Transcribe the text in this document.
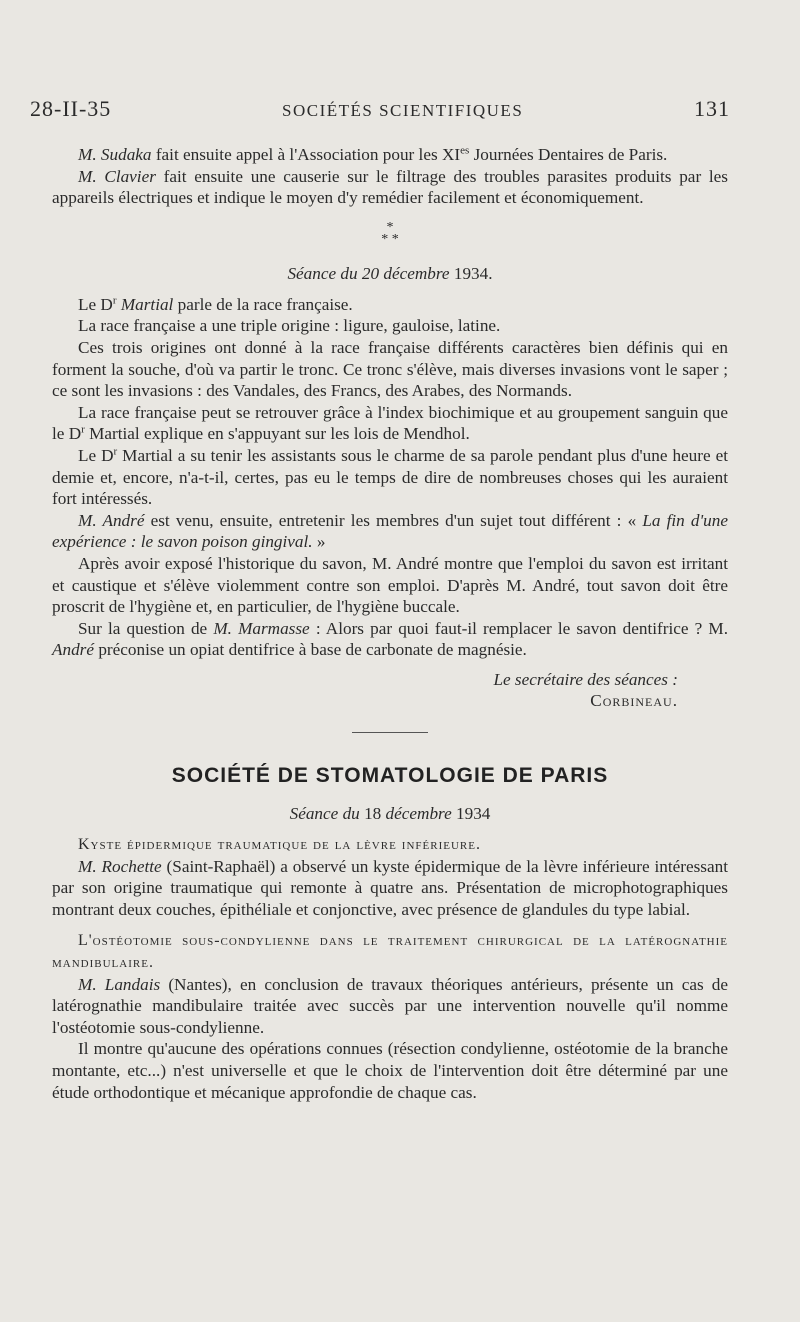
28-II-35	SOCIÉTÉS SCIENTIFIQUES	131

M. Sudaka fait ensuite appel à l'Association pour les $XI^{es}$ Journées Dentaires de Paris.

M. Clavier fait ensuite une causerie sur le filtrage des troubles parasites produits par les appareils électriques et indique le moyen d'y remédier facilement et économiquement.

*
* *
Séance du 20 décembre 1934.

Le $D^r$ Martial parle de la race française.

La race française a une triple origine : ligure, gauloise, latine.

Ces trois origines ont donné à la race française différents caractères bien définis qui en forment la souche, d'où va partir le tronc. Ce tronc s'élève, mais diverses invasions vont le saper ; ce sont les invasions : des Vandales, des Francs, des Arabes, des Normands.

La race française peut se retrouver grâce à l'index biochimique et au groupement sanguin que le $D^r$ Martial explique en s'appuyant sur les lois de Mendhol.

Le $D^r$ Martial a su tenir les assistants sous le charme de sa parole pendant plus d'une heure et demie et, encore, n'a-t-il, certes, pas eu le temps de dire de nombreuses choses qui les auraient fort intéressés.

M. André est venu, ensuite, entretenir les membres d'un sujet tout différent : « La fin d'une expérience : le savon poison gingival. »

Après avoir exposé l'historique du savon, M. André montre que l'emploi du savon est irritant et caustique et s'élève violemment contre son emploi. D'après M. André, tout savon doit être proscrit de l'hygiène et, en particulier, de l'hygiène buccale.

Sur la question de M. Marmasse : Alors par quoi faut-il remplacer le savon dentifrice ? M. André préconise un opiat dentifrice à base de carbonate de magnésie.

Le secrétaire des séances :

Corbineau.

SOCIÉTÉ DE STOMATOLOGIE DE PARIS
Séance du 18 décembre 1934

Kyste épidermique traumatique de la lèvre inférieure.

M. Rochette (Saint-Raphaël) a observé un kyste épidermique de la lèvre inférieure intéressant par son origine traumatique qui remonte à quatre ans. Présentation de microphotographiques montrant deux couches, épithéliale et conjonctive, avec présence de glandules du type labial.

L'ostéotomie sous-condylienne dans le traitement chirurgical de la latérognathie mandibulaire.

M. Landais (Nantes), en conclusion de travaux théoriques antérieurs, présente un cas de latérognathie mandibulaire traitée avec succès par une intervention nouvelle qu'il nomme l'ostéotomie sous-condylienne.

Il montre qu'aucune des opérations connues (résection condylienne, ostéotomie de la branche montante, etc...) n'est universelle et que le choix de l'intervention doit être déterminé par une étude orthodontique et mécanique approfondie de chaque cas.
